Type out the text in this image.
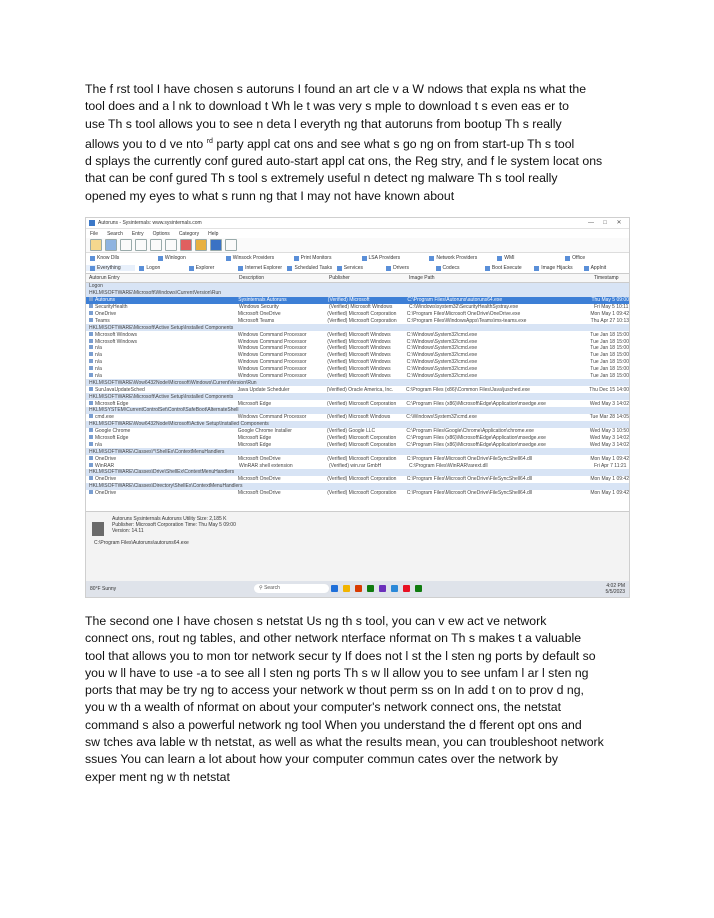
The f rst tool I have chosen s autoruns I found an art cle v a W ndows that expla ns what the
tool does and a l nk to download t Wh le t was very s mple to download t s even eas er to
use Th s tool allows you to see n deta l everyth ng that autoruns from bootup Th s really
allows you to d ve nto $^{rd}$ party appl cat ons and see what s go ng on from start-up Th s tool
d splays the currently conf gured auto-start appl cat ons, the Reg stry, and f le system locat ons
that can be conf gured Th s tool s extremely useful n detect ng malware Th s tool really
opened my eyes to what s runn ng that I may not have known about
Autoruns - Sysinternals: www.sysinternals.com	—	□	✕
File Search Entry Options Category Help
Know Dlls	Winlogon	Winsock Providers	Print Monitors	LSA Providers	Network Providers	WMI	Office
Everything	Logon	Explorer	Internet Explorer Scheduled Tasks Services	Drivers	Codecs	Boot Execute	Image Hijacks	AppInit
Autorun Entry	Description	Publisher	Image Path	Timestamp
Logon
HKLM\SOFTWARE\Microsoft\Windows\CurrentVersion\Run
Autoruns	Sysinternals Autoruns	(Verified) Microsoft	C:\Program Files\Autoruns\autoruns64.exe	Thu May 5 09:00
SecurityHealth	Windows Security	(Verified) Microsoft Windows	C:\Windows\system32\SecurityHealthSystray.exe	Fri May 5 10:11
OneDrive	Microsoft OneDrive	(Verified) Microsoft Corporation	C:\Program Files\Microsoft OneDrive\OneDrive.exe	Mon May 1 09:42
Teams	Microsoft Teams	(Verified) Microsoft Corporation	C:\Program Files\WindowsApps\Teams\ms-teams.exe	Thu Apr 27 10:13
HKLM\SOFTWARE\Microsoft\Active Setup\Installed Components
Microsoft Windows	Windows Command Processor	(Verified) Microsoft Windows	C:\Windows\System32\cmd.exe	Tue Jan 18 15:00
Microsoft Windows	Windows Command Processor	(Verified) Microsoft Windows	C:\Windows\System32\cmd.exe	Tue Jan 18 15:00
n/a	Windows Command Processor	(Verified) Microsoft Windows	C:\Windows\System32\cmd.exe	Tue Jan 18 15:00
n/a	Windows Command Processor	(Verified) Microsoft Windows	C:\Windows\System32\cmd.exe	Tue Jan 18 15:00
n/a	Windows Command Processor	(Verified) Microsoft Windows	C:\Windows\System32\cmd.exe	Tue Jan 18 15:00
n/a	Windows Command Processor	(Verified) Microsoft Windows	C:\Windows\System32\cmd.exe	Tue Jan 18 15:00
n/a	Windows Command Processor	(Verified) Microsoft Windows	C:\Windows\System32\cmd.exe	Tue Jan 18 15:00
HKLM\SOFTWARE\Wow6432Node\Microsoft\Windows\CurrentVersion\Run
SunJavaUpdateSched	Java Update Scheduler	(Verified) Oracle America, Inc.	C:\Program Files (x86)\Common Files\Java\jusched.exe	Thu Dec 15 14:00
HKLM\SOFTWARE\Microsoft\Active Setup\Installed Components
Microsoft Edge	Microsoft Edge	(Verified) Microsoft Corporation	C:\Program Files (x86)\Microsoft\Edge\Application\msedge.exe	Wed May 3 14:02
HKLM\SYSTEM\CurrentControlSet\Control\SafeBoot\AlternateShell
cmd.exe	Windows Command Processor	(Verified) Microsoft Windows	C:\Windows\System32\cmd.exe	Tue Mar 28 14:05
HKLM\SOFTWARE\Wow6432Node\Microsoft\Active Setup\Installed Components
Google Chrome	Google Chrome Installer	(Verified) Google LLC	C:\Program Files\Google\Chrome\Application\chrome.exe	Wed May 3 10:50
Microsoft Edge	Microsoft Edge	(Verified) Microsoft Corporation	C:\Program Files (x86)\Microsoft\Edge\Application\msedge.exe	Wed May 3 14:02
n/a	Microsoft Edge	(Verified) Microsoft Corporation	C:\Program Files (x86)\Microsoft\Edge\Application\msedge.exe	Wed May 3 14:02
HKLM\SOFTWARE\Classes\*\ShellEx\ContextMenuHandlers
OneDrive	Microsoft OneDrive	(Verified) Microsoft Corporation	C:\Program Files\Microsoft OneDrive\FileSyncShell64.dll	Mon May 1 09:42
WinRAR	WinRAR shell extension	(Verified) win.rar GmbH	C:\Program Files\WinRAR\rarext.dll	Fri Apr 7 11:21
HKLM\SOFTWARE\Classes\Drive\ShellEx\ContextMenuHandlers
OneDrive	Microsoft OneDrive	(Verified) Microsoft Corporation	C:\Program Files\Microsoft OneDrive\FileSyncShell64.dll	Mon May 1 09:42
HKLM\SOFTWARE\Classes\Directory\ShellEx\ContextMenuHandlers
OneDrive	Microsoft OneDrive	(Verified) Microsoft Corporation	C:\Program Files\Microsoft OneDrive\FileSyncShell64.dll	Mon May 1 09:42
Autoruns Sysinternals Autoruns Utility Size: 2,185 K
Publisher: Microsoft Corporation Time: Thu May 5 09:00
Version: 14.11
C:\Program Files\Autoruns\autoruns64.exe
80°F Sunny	⚲ Search	4:02 PM
5/5/2023
The second one I have chosen s netstat Us ng th s tool, you can v ew act ve network
connect ons, rout ng tables, and other network nterface nformat on Th s makes t a valuable
tool that allows you to mon tor network secur ty If does not l st the l sten ng ports by default so
you w ll have to use -a to see all l sten ng ports Th s w ll allow you to see unfam l ar l sten ng
ports that may be try ng to access your network w thout perm ss on In add t on to prov d ng,
you w th a wealth of nformat on about your computer's network connect ons, the netstat
command s also a powerful network ng tool When you understand the d fferent opt ons and
sw tches ava lable w th netstat, as well as what the results mean, you can troubleshoot network
ssues You can learn a lot about how your computer commun cates over the network by
exper ment ng w th netstat
